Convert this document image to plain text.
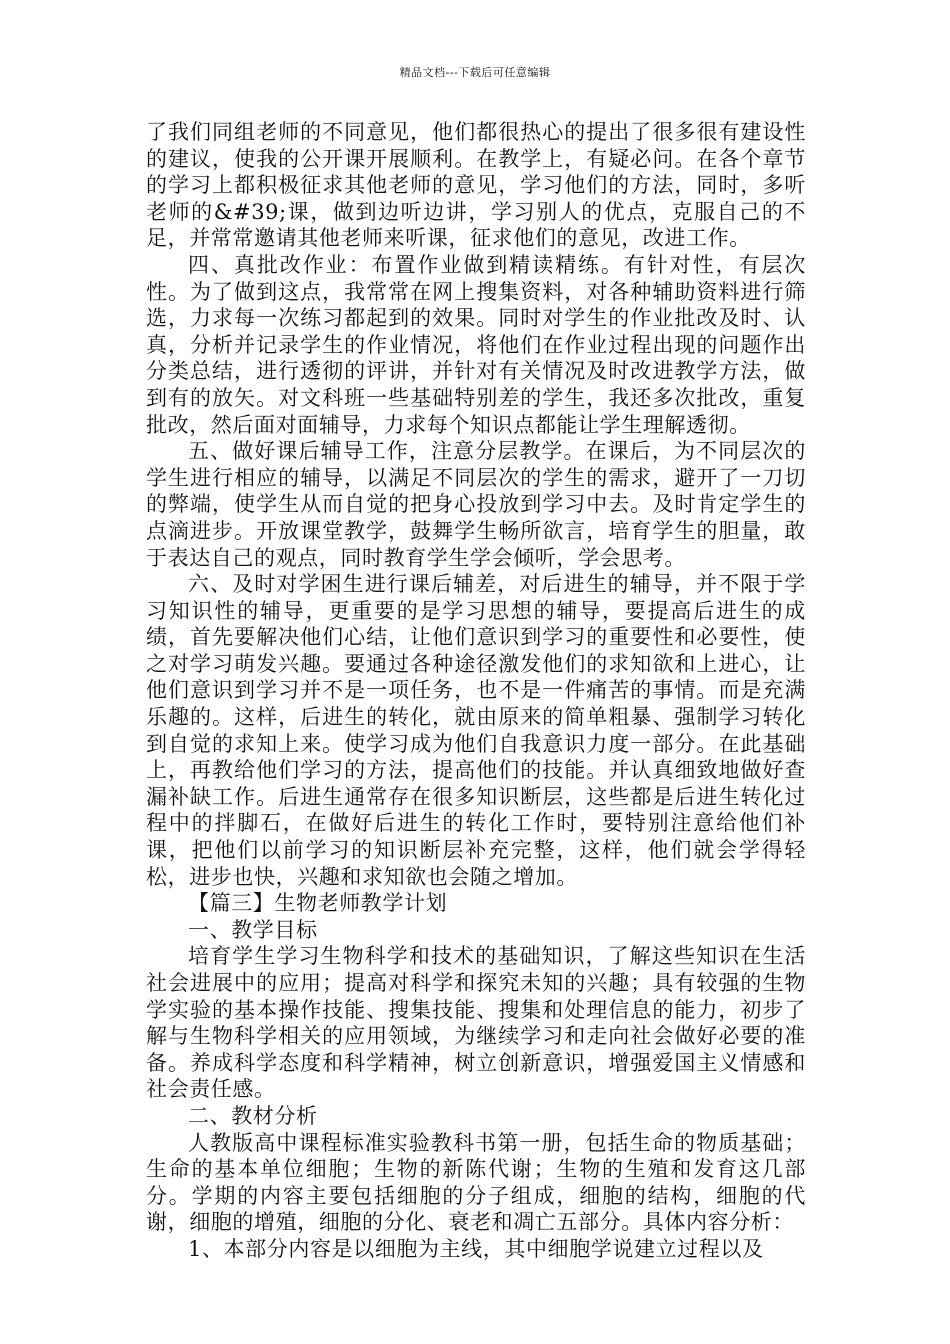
精品文档---下载后可任意编辑

了我们同组老师的不同意见，他们都很热心的提出了很多很有建设性的建议，使我的公开课开展顺利。在教学上，有疑必问。在各个章节的学习上都积极征求其他老师的意见，学习他们的方法，同时，多听老师的&#39;课，做到边听边讲，学习别人的优点，克服自己的不足，并常常邀请其他老师来听课，征求他们的意见，改进工作。

四、真批改作业：布置作业做到精读精练。有针对性，有层次性。为了做到这点，我常常在网上搜集资料，对各种辅助资料进行筛选，力求每一次练习都起到的效果。同时对学生的作业批改及时、认真，分析并记录学生的作业情况，将他们在作业过程出现的问题作出分类总结，进行透彻的评讲，并针对有关情况及时改进教学方法，做到有的放矢。对文科班一些基础特别差的学生，我还多次批改，重复批改，然后面对面辅导，力求每个知识点都能让学生理解透彻。

五、做好课后辅导工作，注意分层教学。在课后，为不同层次的学生进行相应的辅导，以满足不同层次的学生的需求，避开了一刀切的弊端，使学生从而自觉的把身心投放到学习中去。及时肯定学生的点滴进步。开放课堂教学，鼓舞学生畅所欲言，培育学生的胆量，敢于表达自己的观点，同时教育学生学会倾听，学会思考。

六、及时对学困生进行课后辅差，对后进生的辅导，并不限于学习知识性的辅导，更重要的是学习思想的辅导，要提高后进生的成绩，首先要解决他们心结，让他们意识到学习的重要性和必要性，使之对学习萌发兴趣。要通过各种途径激发他们的求知欲和上进心，让他们意识到学习并不是一项任务，也不是一件痛苦的事情。而是充满乐趣的。这样，后进生的转化，就由原来的简单粗暴、强制学习转化到自觉的求知上来。使学习成为他们自我意识力度一部分。在此基础上，再教给他们学习的方法，提高他们的技能。并认真细致地做好查漏补缺工作。后进生通常存在很多知识断层，这些都是后进生转化过程中的拌脚石，在做好后进生的转化工作时，要特别注意给他们补课，把他们以前学习的知识断层补充完整，这样，他们就会学得轻松，进步也快，兴趣和求知欲也会随之增加。

【篇三】生物老师教学计划

一、教学目标

培育学生学习生物科学和技术的基础知识，了解这些知识在生活社会进展中的应用；提高对科学和探究未知的兴趣；具有较强的生物学实验的基本操作技能、搜集技能、搜集和处理信息的能力，初步了解与生物科学相关的应用领域，为继续学习和走向社会做好必要的准备。养成科学态度和科学精神，树立创新意识，增强爱国主义情感和社会责任感。

二、教材分析

人教版高中课程标准实验教科书第一册，包括生命的物质基础；生命的基本单位细胞；生物的新陈代谢；生物的生殖和发育这几部分。学期的内容主要包括细胞的分子组成，细胞的结构，细胞的代谢，细胞的增殖，细胞的分化、衰老和凋亡五部分。具体内容分析：

1、本部分内容是以细胞为主线，其中细胞学说建立过程以及
